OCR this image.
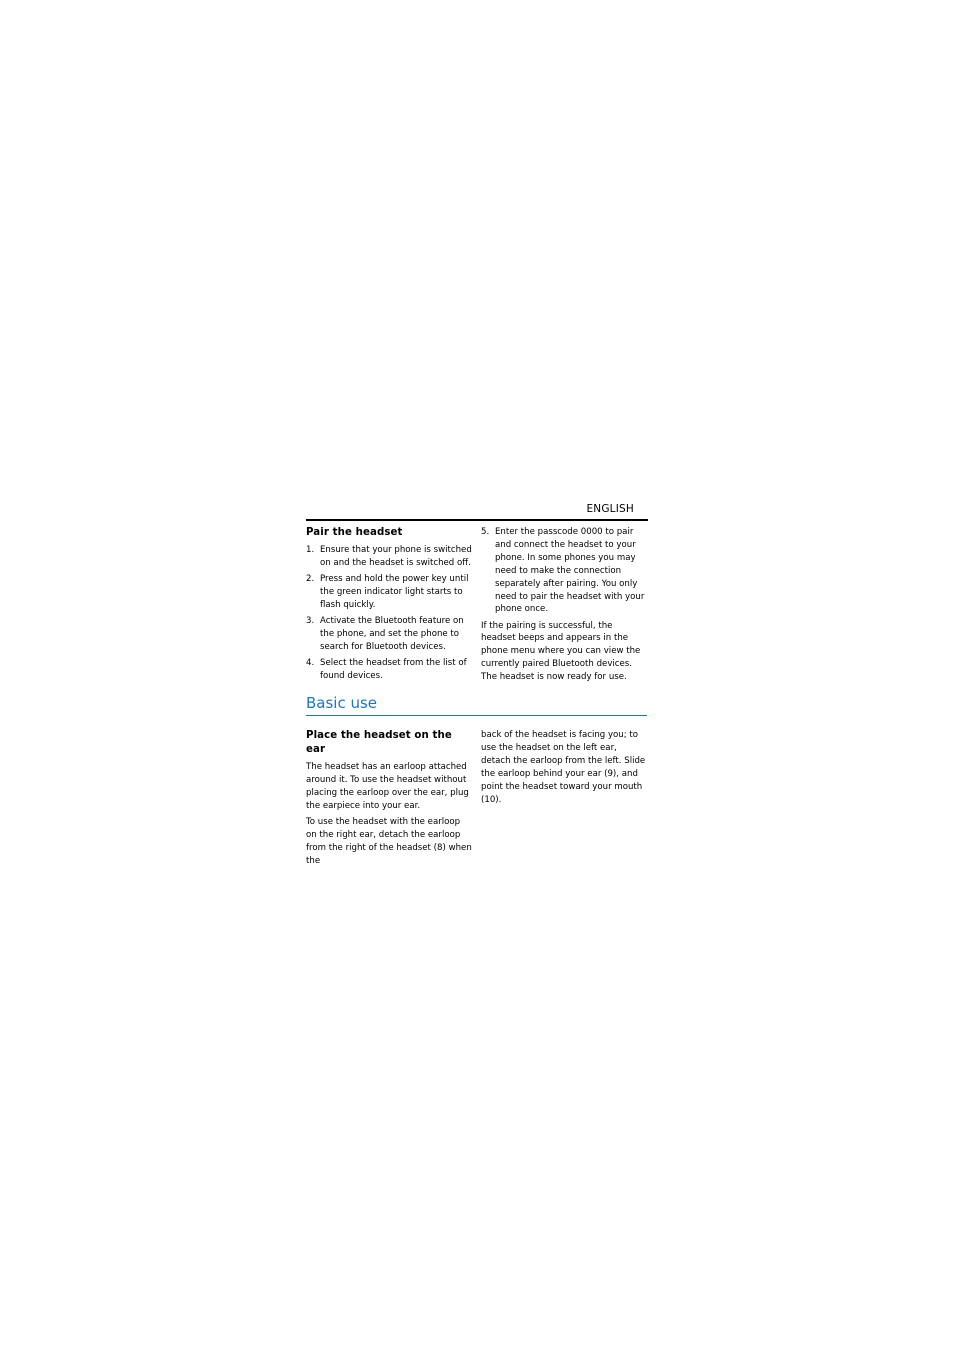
ENGLISH
Pair the headset
1. Ensure that your phone is switched on and the headset is switched off.
2. Press and hold the power key until the green indicator light starts to flash quickly.
3. Activate the Bluetooth feature on the phone, and set the phone to search for Bluetooth devices.
4. Select the headset from the list of found devices.
5. Enter the passcode 0000 to pair and connect the headset to your phone. In some phones you may need to make the connection separately after pairing. You only need to pair the headset with your phone once.

If the pairing is successful, the headset beeps and appears in the phone menu where you can view the currently paired Bluetooth devices. The headset is now ready for use.

Basic use
Place the headset on the ear

The headset has an earloop attached around it. To use the headset without placing the earloop over the ear, plug the earpiece into your ear.

To use the headset with the earloop on the right ear, detach the earloop from the right of the headset (8) when the

back of the headset is facing you; to use the headset on the left ear, detach the earloop from the left. Slide the earloop behind your ear (9), and point the headset toward your mouth (10).
